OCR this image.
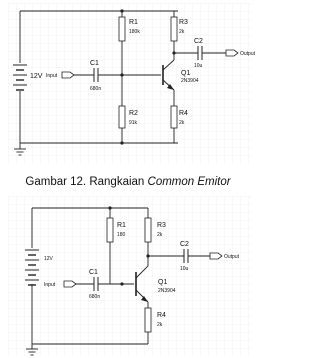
12V
R1
180k
R2
91k
Input
C1
680n
R3
2k
Q1
2N3904
R4
2k
C2
10u
Output
Gambar 12. Rangkaian Common Emitor
12V
R1
180
Input
C1
680n
R3
2k
Q1
2N3904
R4
2k
C2
10u
Output
